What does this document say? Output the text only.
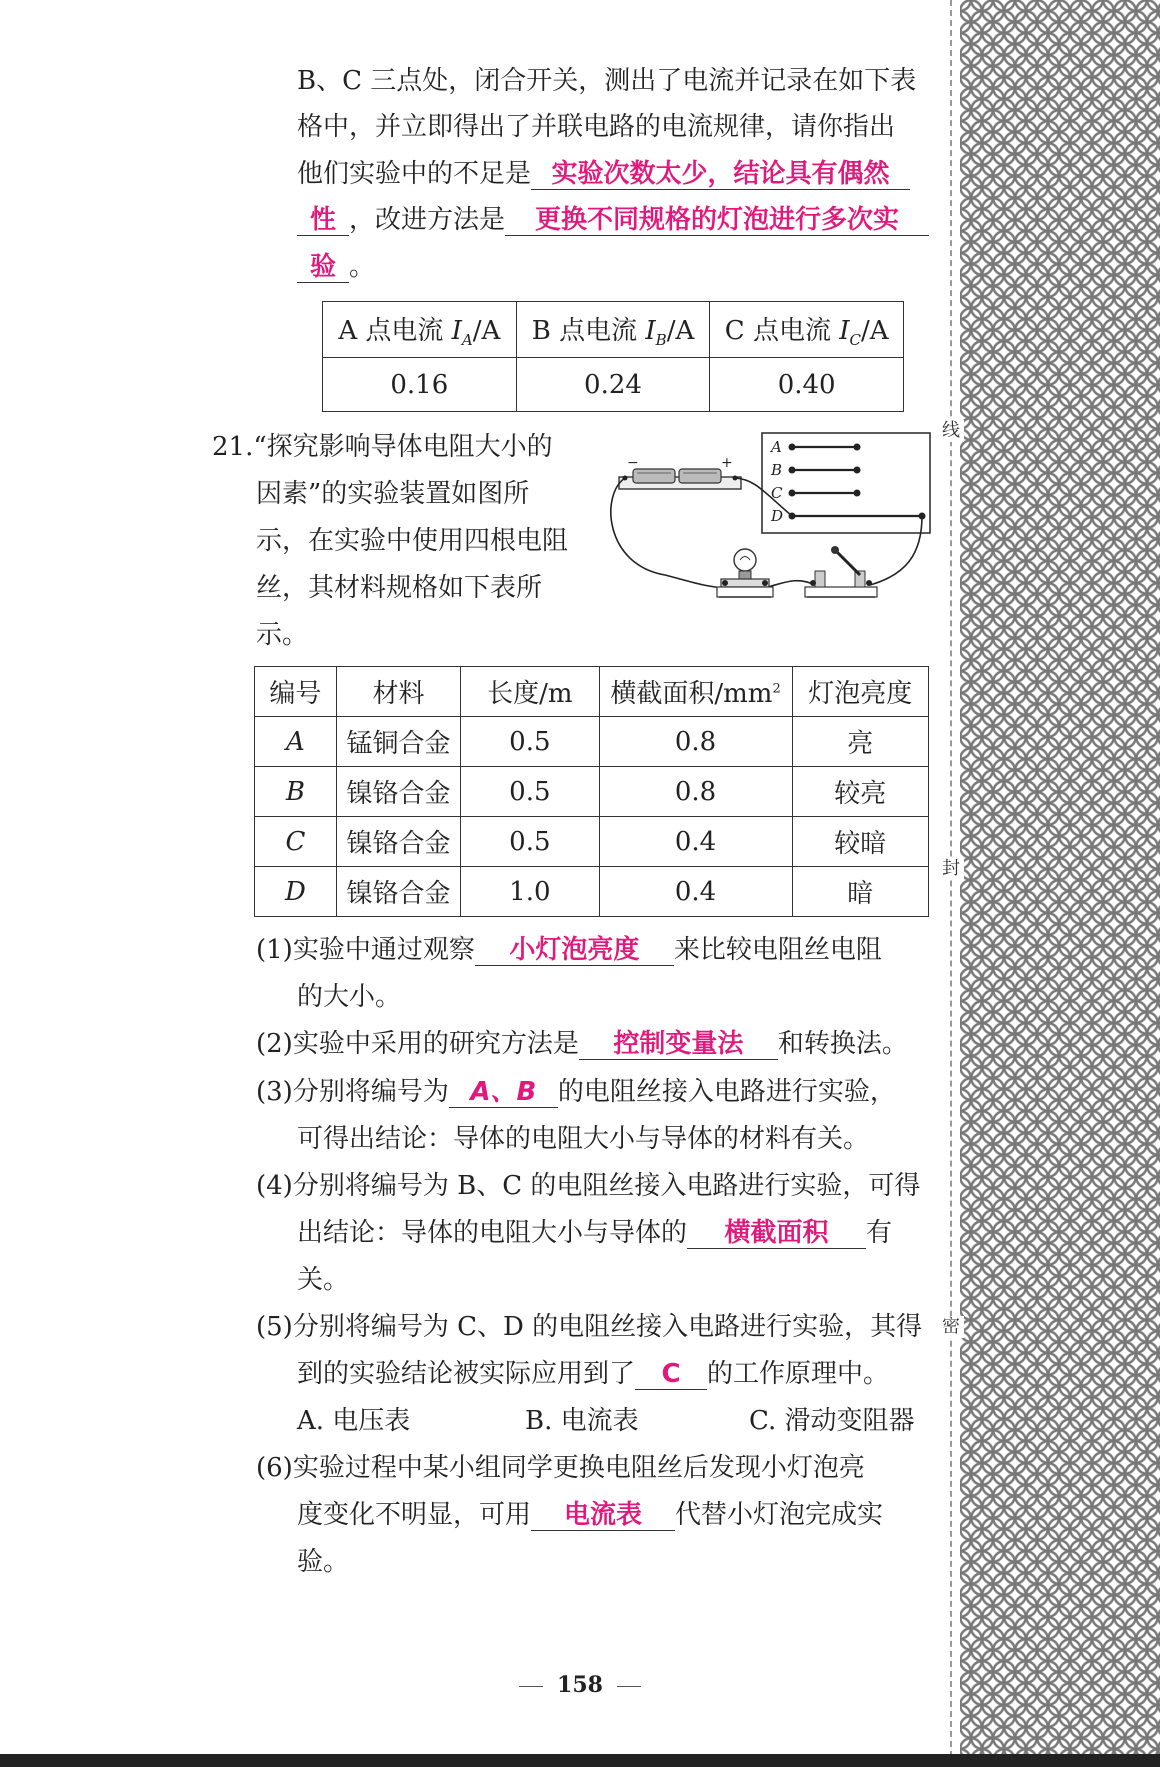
B、C 三点处，闭合开关，测出了电流并记录在如下表
格中，并立即得出了并联电路的电流规律，请你指出
他们实验中的不足是 实验次数太少，结论具有偶然
性 ，改进方法是 更换不同规格的灯泡进行多次实
验 。
A 点电流 $I_A/A$	B 点电流 $I_B/A$	C 点电流 $I_C/A$
0.16	0.24	0.40
21.“探究影响导体电阻大小的
因素”的实验装置如图所
示，在实验中使用四根电阻
丝，其材料规格如下表所
示。
A
B
C
D
−	+
编号	材料	长度/m	横截面积$/mm^2$	灯泡亮度
A	锰铜合金	0.5	0.8	亮
B	镍铬合金	0.5	0.8	较亮
C	镍铬合金	0.5	0.4	较暗
D	镍铬合金	1.0	0.4	暗
(1)实验中通过观察 小灯泡亮度 来比较电阻丝电阻
的大小。
(2)实验中采用的研究方法是 控制变量法 和转换法。
(3)分别将编号为 A、B 的电阻丝接入电路进行实验，
可得出结论：导体的电阻大小与导体的材料有关。
(4)分别将编号为 B、C 的电阻丝接入电路进行实验，可得
出结论：导体的电阻大小与导体的 横截面积 有
关。
(5)分别将编号为 C、D 的电阻丝接入电路进行实验，其得
到的实验结论被实际应用到了 C 的工作原理中。
A. 电压表	B. 电流表	C. 滑动变阻器
(6)实验过程中某小组同学更换电阻丝后发现小灯泡亮
度变化不明显，可用 电流表 代替小灯泡完成实
验。
158
线
封
密
